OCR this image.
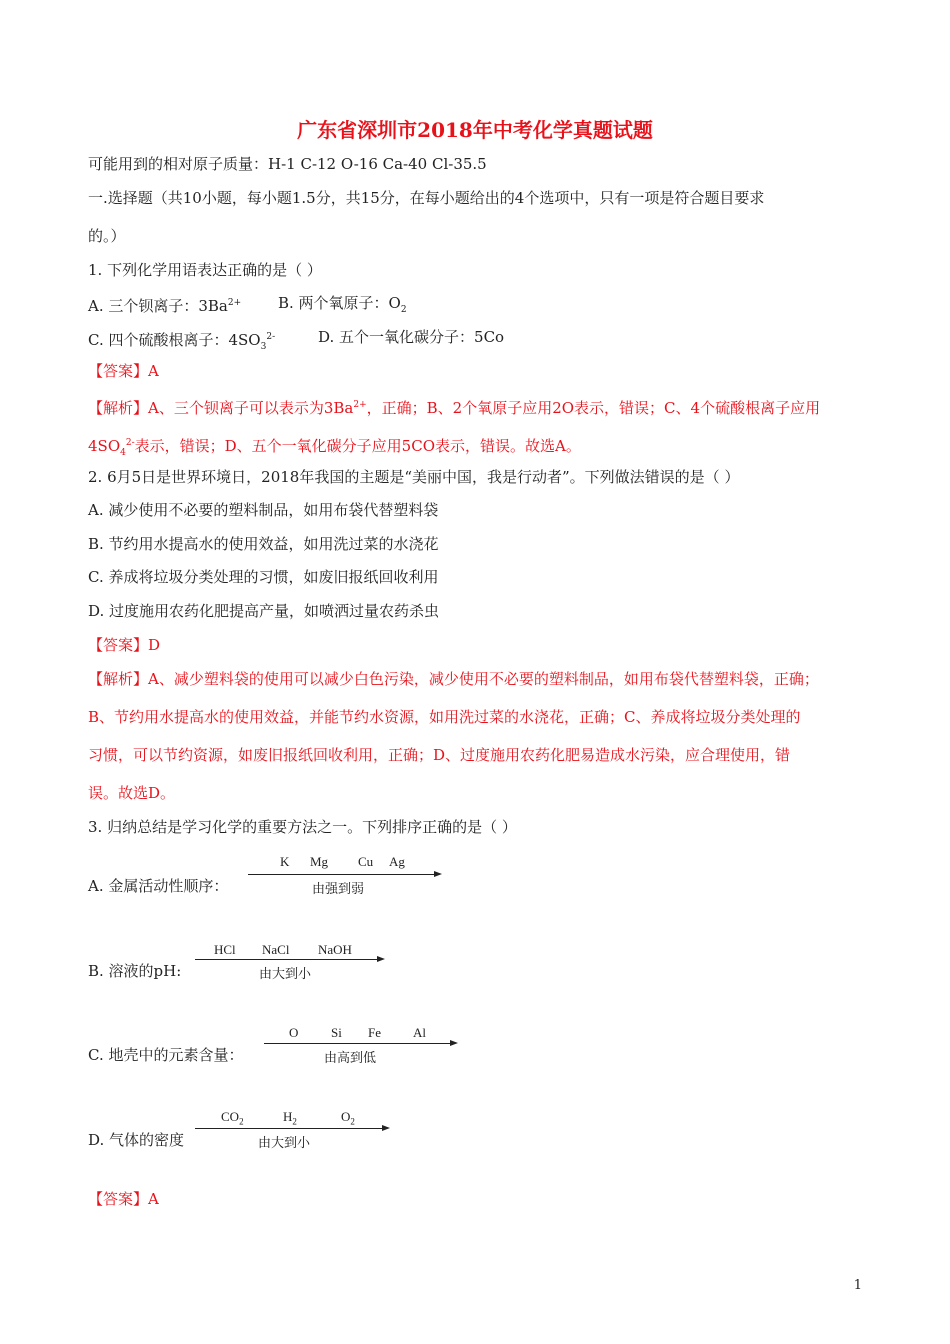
广东省深圳市2018年中考化学真题试题
可能用到的相对原子质量：H-1 C-12 O-16 Ca-40 Cl-35.5
一.选择题（共10小题，每小题1.5分，共15分，在每小题给出的4个选项中，只有一项是符合题目要求
的。）
1. 下列化学用语表达正确的是（ ）
A. 三个钡离子：$3Ba^{2+}$ B. 两个氧原子：$O_2$
C. 四个硫酸根离子：$4SO_3^{2-}$	D. 五个一氧化碳分子：5Co
【答案】A
【解析】A、三个钡离子可以表示为$3Ba^{2+}$，正确；B、2个氧原子应用2O表示，错误；C、4个硫酸根离子应用
$4SO_4^{2-}$表示，错误；D、五个一氧化碳分子应用5CO表示，错误。故选A。
2. 6月5日是世界环境日，2018年我国的主题是“美丽中国，我是行动者”。下列做法错误的是（ ）
A. 减少使用不必要的塑料制品，如用布袋代替塑料袋
B. 节约用水提高水的使用效益，如用洗过菜的水浇花
C. 养成将垃圾分类处理的习惯，如废旧报纸回收利用
D. 过度施用农药化肥提高产量，如喷洒过量农药杀虫
【答案】D
【解析】A、减少塑料袋的使用可以减少白色污染，减少使用不必要的塑料制品，如用布袋代替塑料袋，正确；
B、节约用水提高水的使用效益，并能节约水资源，如用洗过菜的水浇花，正确；C、养成将垃圾分类处理的
习惯，可以节约资源，如废旧报纸回收利用，正确；D、过度施用农药化肥易造成水污染，应合理使用，错
误。故选D。
3. 归纳总结是学习化学的重要方法之一。下列排序正确的是（ ）
A. 金属活动性顺序：
K Mg Cu Ag
由强到弱
B. 溶液的pH:
HCl NaCl NaOH
由大到小
C. 地壳中的元素含量：
O	Si Fe Al
由高到低
D. 气体的密度
$CO_2$	$H_2$	$O_2$
由大到小
【答案】A
1
